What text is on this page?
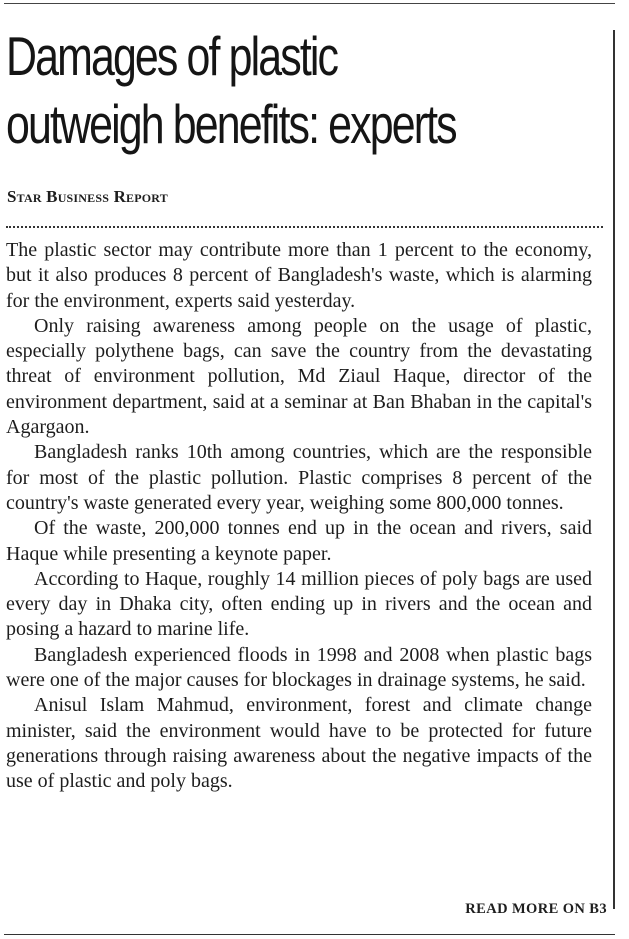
Damages of plastic
outweigh benefits: experts
Star Business Report

The plastic sector may contribute more than 1 percent to the economy, but it also produces 8 percent of Bangladesh's waste, which is alarming for the environment, experts said yesterday.

Only raising awareness among people on the usage of plastic, especially polythene bags, can save the country from the devastating threat of environment pollution, Md Ziaul Haque, director of the environment department, said at a seminar at Ban Bhaban in the capital's Agargaon.

Bangladesh ranks 10th among countries, which are the responsible for most of the plastic pollution. Plastic comprises 8 percent of the country's waste generated every year, weighing some 800,000 tonnes.

Of the waste, 200,000 tonnes end up in the ocean and rivers, said Haque while presenting a keynote paper.

According to Haque, roughly 14 million pieces of poly bags are used every day in Dhaka city, often ending up in rivers and the ocean and posing a hazard to marine life.

Bangladesh experienced floods in 1998 and 2008 when plastic bags were one of the major causes for blockages in drainage systems, he said.

Anisul Islam Mahmud, environment, forest and climate change minister, said the environment would have to be protected for future generations through raising awareness about the negative impacts of the use of plastic and poly bags.

READ MORE ON B3
